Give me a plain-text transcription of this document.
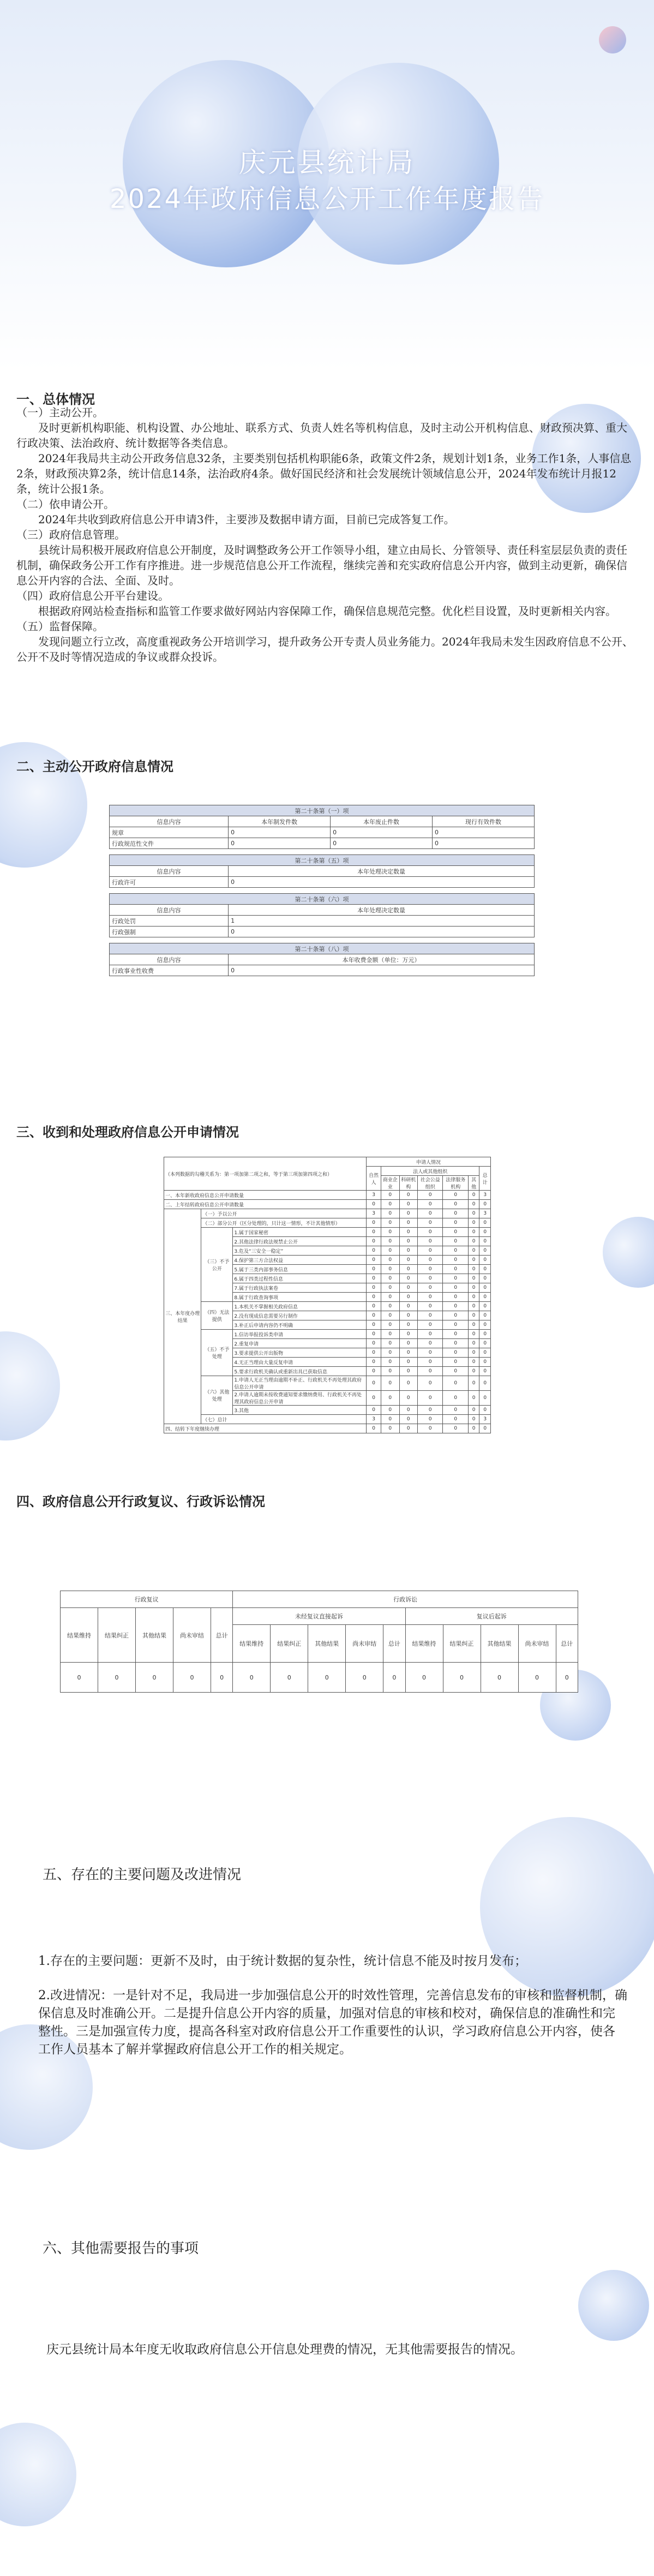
庆元县统计局
2024年政府信息公开工作年度报告
一、总体情况

（一）主动公开。

及时更新机构职能、机构设置、办公地址、联系方式、负责人姓名等机构信息，及时主动公开机构信息、财政预决算、重大行政决策、法治政府、统计数据等各类信息。

2024年我局共主动公开政务信息32条，主要类别包括机构职能6条，政策文件2条，规划计划1条，业务工作1条，人事信息2条，财政预决算2条，统计信息14条，法治政府4条。做好国民经济和社会发展统计领域信息公开，2024年发布统计月报12条，统计公报1条。

（二）依申请公开。

2024年共收到政府信息公开申请3件，主要涉及数据申请方面，目前已完成答复工作。

（三）政府信息管理。

县统计局积极开展政府信息公开制度，及时调整政务公开工作领导小组，建立由局长、分管领导、责任科室层层负责的责任机制，确保政务公开工作有序推进。进一步规范信息公开工作流程，继续完善和充实政府信息公开内容，做到主动更新，确保信息公开内容的合法、全面、及时。

（四）政府信息公开平台建设。

根据政府网站检查指标和监管工作要求做好网站内容保障工作，确保信息规范完整。优化栏目设置，及时更新相关内容。

（五）监督保障。

发现问题立行立改，高度重视政务公开培训学习，提升政务公开专责人员业务能力。2024年我局未发生因政府信息不公开、公开不及时等情况造成的争议或群众投诉。

二、主动公开政府信息情况
第二十条第（一）项			
信息内容	本年制发件数	本年废止件数	现行有效件数
规章	0	0	0
行政规范性文件	0	0	0

第二十条第（五）项			
信息内容	本年处理决定数量		
行政许可	0		

第二十条第（六）项			
信息内容	本年处理决定数量		
行政处罚	1		
行政强制	0		

第二十条第（八）项			
信息内容	本年收费金额（单位：万元）		
行政事业性收费	0		
三、收到和处理政府信息公开申请情况
（本列数据的勾稽关系为：第一项加第二项之和，等于第三项加第四项之和）			申请人情况						
			自然人	法人或其他组织					总计
				商业企业	科研机构	社会公益组织	法律服务机构	其他	
一、本年新收政府信息公开申请数量			3	0	0	0	0	0	3
二、上年结转政府信息公开申请数量			0	0	0	0	0	0	0
三、本年度办理结果	（一）予以公开		3	0	0	0	0	0	3
	（二）部分公开（区分处理的，只计这一情形，不计其他情形）		0	0	0	0	0	0	0
	（三）不予公开	1.属于国家秘密	0	0	0	0	0	0	0
		2.其他法律行政法规禁止公开	0	0	0	0	0	0	0
		3.危及“三安全一稳定”	0	0	0	0	0	0	0
		4.保护第三方合法权益	0	0	0	0	0	0	0
		5.属于三类内部事务信息	0	0	0	0	0	0	0
		6.属于四类过程性信息	0	0	0	0	0	0	0
		7.属于行政执法案卷	0	0	0	0	0	0	0
		8.属于行政查询事项	0	0	0	0	0	0	0
	（四）无法提供	1.本机关不掌握相关政府信息	0	0	0	0	0	0	0
		2.没有现成信息需要另行制作	0	0	0	0	0	0	0
		3.补正后申请内容仍不明确	0	0	0	0	0	0	0
	（五）不予处理	1.信访举报投诉类申请	0	0	0	0	0	0	0
		2.重复申请	0	0	0	0	0	0	0
		3.要求提供公开出版物	0	0	0	0	0	0	0
		4.无正当理由大量反复申请	0	0	0	0	0	0	0
		5.要求行政机关确认或重新出具已获取信息	0	0	0	0	0	0	0
	（六）其他处理	1.申请人无正当理由逾期不补正、行政机关不再处理其政府信息公开申请	0	0	0	0	0	0	0
		2.申请人逾期未按收费通知要求缴纳费用、行政机关不再处理其政府信息公开申请	0	0	0	0	0	0	0
		3.其他	0	0	0	0	0	0	0
	（七）总计		3	0	0	0	0	0	3
四、结转下年度继续办理			0	0	0	0	0	0	0
四、政府信息公开行政复议、行政诉讼情况
行政复议					行政诉讼									
结果维持	结果纠正	其他结果	尚未审结	总计	未经复议直接起诉					复议后起诉				
					结果维持	结果纠正	其他结果	尚未审结	总计	结果维持	结果纠正	其他结果	尚未审结	总计
0	0	0	0	0	0	0	0	0	0	0	0	0	0	0
五、存在的主要问题及改进情况

1.存在的主要问题：更新不及时，由于统计数据的复杂性，统计信息不能及时按月发布；

2.改进情况：一是针对不足，我局进一步加强信息公开的时效性管理，完善信息发布的审核和监督机制，确保信息及时准确公开。二是提升信息公开内容的质量，加强对信息的审核和校对，确保信息的准确性和完整性。三是加强宣传力度，提高各科室对政府信息公开工作重要性的认识，学习政府信息公开内容，使各工作人员基本了解并掌握政府信息公开工作的相关规定。

六、其他需要报告的事项

庆元县统计局本年度无收取政府信息公开信息处理费的情况，无其他需要报告的情况。
